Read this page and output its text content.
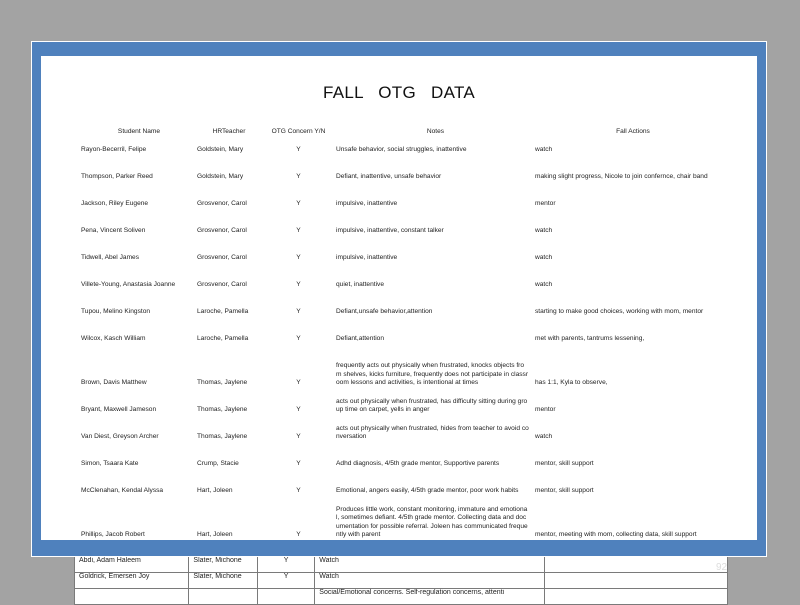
Abdi, Adam Haleem	Slater, Michone	Y	Watch	
Goldrick, Emersen Joy	Slater, Michone	Y	Watch	
			Social/Emotional concerns. Self-regulation concerns, attenti	
FALL OTG DATA
Student Name	HRTeacher	OTG Concern Y/N	Notes	Fall Actions
Rayon-Becerril, Felipe	Goldstein, Mary	Y	Unsafe behavior, social struggles, inattentive	watch
Thompson, Parker Reed	Goldstein, Mary	Y	Defiant, inattentive, unsafe behavior	making slight progress, Nicole to join confernce, chair band
Jackson, Riley Eugene	Grosvenor, Carol	Y	impulsive, inattentive	mentor
Pena, Vincent Soliven	Grosvenor, Carol	Y	impulsive, inattentive, constant talker	watch
Tidwell, Abel James	Grosvenor, Carol	Y	impulsive, inattentive	watch
Villete-Young, Anastasia Joanne	Grosvenor, Carol	Y	quiet, inattentive	watch
Tupou, Melino Kingston	Laroche, Pamella	Y	Defiant,unsafe behavior,attention	starting to make good choices, working with mom, mentor
Wilcox, Kasch William	Laroche, Pamella	Y	Defiant,attention	met with parents, tantrums lessening,
Brown, Davis Matthew	Thomas, Jaylene	Y	frequently acts out physically when frustrated, knocks objects from shelves, kicks furniture, frequently does not participate in classroom lessons and activities, is intentional at times	has 1:1, Kyla to observe,
Bryant, Maxwell Jameson	Thomas, Jaylene	Y	acts out physically when frustrated, has difficulty sitting during group time on carpet, yells in anger	mentor
Van Diest, Greyson Archer	Thomas, Jaylene	Y	acts out physically when frustrated, hides from teacher to avoid conversation	watch
Simon, Tsaara Kate	Crump, Stacie	Y	Adhd diagnosis, 4/5th grade mentor, Supportive parents	mentor, skill support
McClenahan, Kendal Alyssa	Hart, Joleen	Y	Emotional, angers easily, 4/5th grade mentor, poor work habits	mentor, skill support
Phillips, Jacob Robert	Hart, Joleen	Y	Produces little work, constant monitoring, immature and emotional, sometimes defiant. 4/5th grade mentor. Collecting data and documentation for possible referral. Joleen has communicated frequently with parent	mentor, meeting with mom, collecting data, skill support
92
